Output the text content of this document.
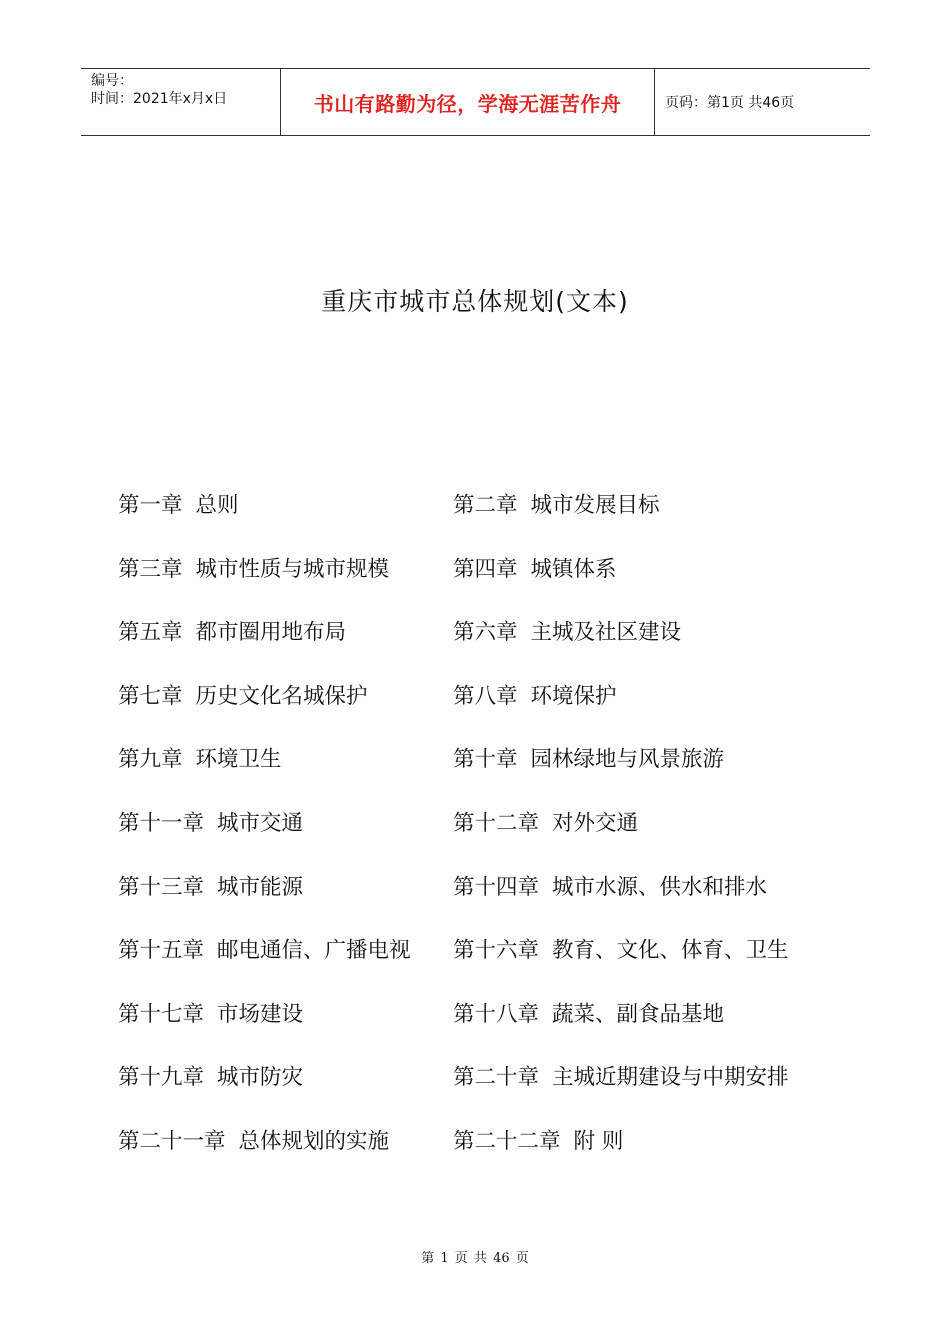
编号：
时间：2021年x月x日	书山有路勤为径，学海无涯苦作舟	页码：第1页 共46页
重庆市城市总体规划(文本)
第一章 总则	第二章 城市发展目标
第三章 城市性质与城市规模	第四章 城镇体系
第五章 都市圈用地布局	第六章 主城及社区建设
第七章 历史文化名城保护	第八章 环境保护
第九章 环境卫生	第十章 园林绿地与风景旅游
第十一章 城市交通	第十二章 对外交通
第十三章 城市能源	第十四章 城市水源、供水和排水
第十五章 邮电通信、广播电视	第十六章 教育、文化、体育、卫生
第十七章 市场建设	第十八章 蔬菜、副食品基地
第十九章 城市防灾	第二十章 主城近期建设与中期安排
第二十一章 总体规划的实施	第二十二章 附 则
第 1 页 共 46 页
